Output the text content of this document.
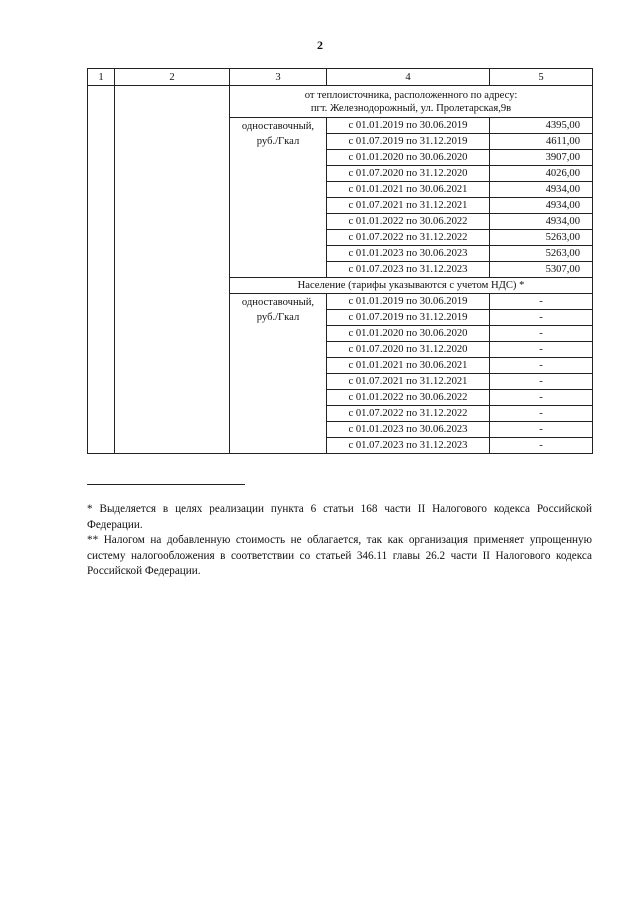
2
1	2	3	4	5

		от теплоисточника, расположенного по адресу:
пгт. Железнодорожный, ул. Пролетарская,9в		

		одноставочный, руб./Гкал	с 01.01.2019 по 30.06.2019	4395,00
			с 01.07.2019 по 31.12.2019	4611,00
			с 01.01.2020 по 30.06.2020	3907,00
			с 01.07.2020 по 31.12.2020	4026,00
			с 01.01.2021 по 30.06.2021	4934,00
			с 01.07.2021 по 31.12.2021	4934,00
			с 01.01.2022 по 30.06.2022	4934,00
			с 01.07.2022 по 31.12.2022	5263,00
			с 01.01.2023 по 30.06.2023	5263,00
			с 01.07.2023 по 31.12.2023	5307,00
		Население (тарифы указываются с учетом НДС) *		
		одноставочный, руб./Гкал	с 01.01.2019 по 30.06.2019	-
			с 01.07.2019 по 31.12.2019	-
			с 01.01.2020 по 30.06.2020	-
			с 01.07.2020 по 31.12.2020	-
			с 01.01.2021 по 30.06.2021	-
			с 01.07.2021 по 31.12.2021	-
			с 01.01.2022 по 30.06.2022	-
			с 01.07.2022 по 31.12.2022	-
			с 01.01.2023 по 30.06.2023	-
			с 01.07.2023 по 31.12.2023	-

* Выделяется в целях реализации пункта 6 статьи 168 части II Налогового кодекса Российской Федерации.

** Налогом на добавленную стоимость не облагается, так как организация применяет упрощенную систему налогообложения в соответствии со статьей 346.11 главы 26.2 части II Налогового кодекса Российской Федерации.
